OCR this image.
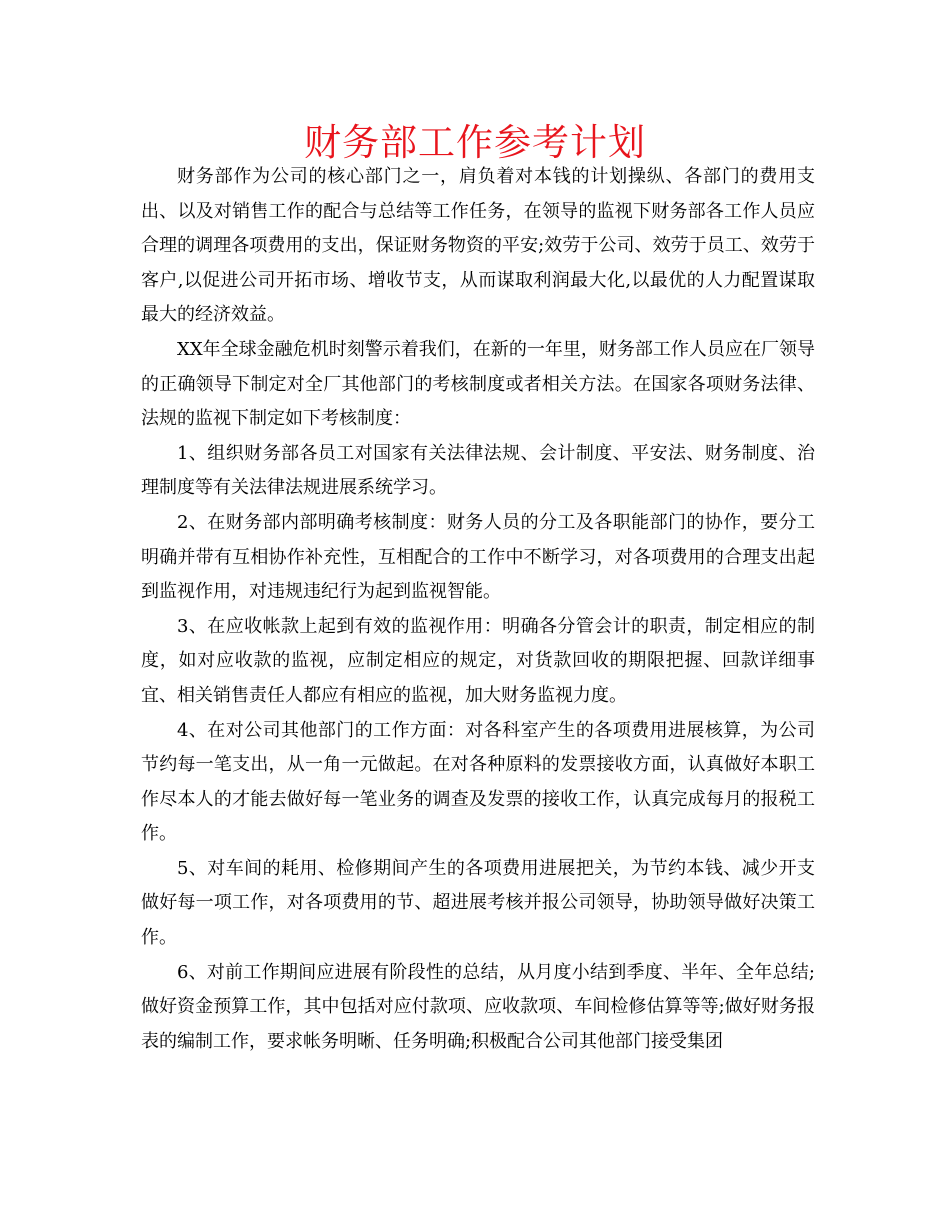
财务部工作参考计划

财务部作为公司的核心部门之一，肩负着对本钱的计划操纵、各部门的费用支出、以及对销售工作的配合与总结等工作任务，在领导的监视下财务部各工作人员应合理的调理各项费用的支出，保证财务物资的平安;效劳于公司、效劳于员工、效劳于客户,以促进公司开拓市场、增收节支，从而谋取利润最大化,以最优的人力配置谋取最大的经济效益。

XX年全球金融危机时刻警示着我们，在新的一年里，财务部工作人员应在厂领导的正确领导下制定对全厂其他部门的考核制度或者相关方法。在国家各项财务法律、法规的监视下制定如下考核制度：

1、组织财务部各员工对国家有关法律法规、会计制度、平安法、财务制度、治理制度等有关法律法规进展系统学习。

2、在财务部内部明确考核制度：财务人员的分工及各职能部门的协作，要分工明确并带有互相协作补充性，互相配合的工作中不断学习，对各项费用的合理支出起到监视作用，对违规违纪行为起到监视智能。

3、在应收帐款上起到有效的监视作用：明确各分管会计的职责，制定相应的制度，如对应收款的监视，应制定相应的规定，对货款回收的期限把握、回款详细事宜、相关销售责任人都应有相应的监视，加大财务监视力度。

4、在对公司其他部门的工作方面：对各科室产生的各项费用进展核算，为公司节约每一笔支出，从一角一元做起。在对各种原料的发票接收方面，认真做好本职工作尽本人的才能去做好每一笔业务的调查及发票的接收工作，认真完成每月的报税工作。

5、对车间的耗用、检修期间产生的各项费用进展把关，为节约本钱、减少开支做好每一项工作，对各项费用的节、超进展考核并报公司领导，协助领导做好决策工作。

6、对前工作期间应进展有阶段性的总结，从月度小结到季度、半年、全年总结;做好资金预算工作，其中包括对应付款项、应收款项、车间检修估算等等;做好财务报表的编制工作，要求帐务明晰、任务明确;积极配合公司其他部门接受集团
